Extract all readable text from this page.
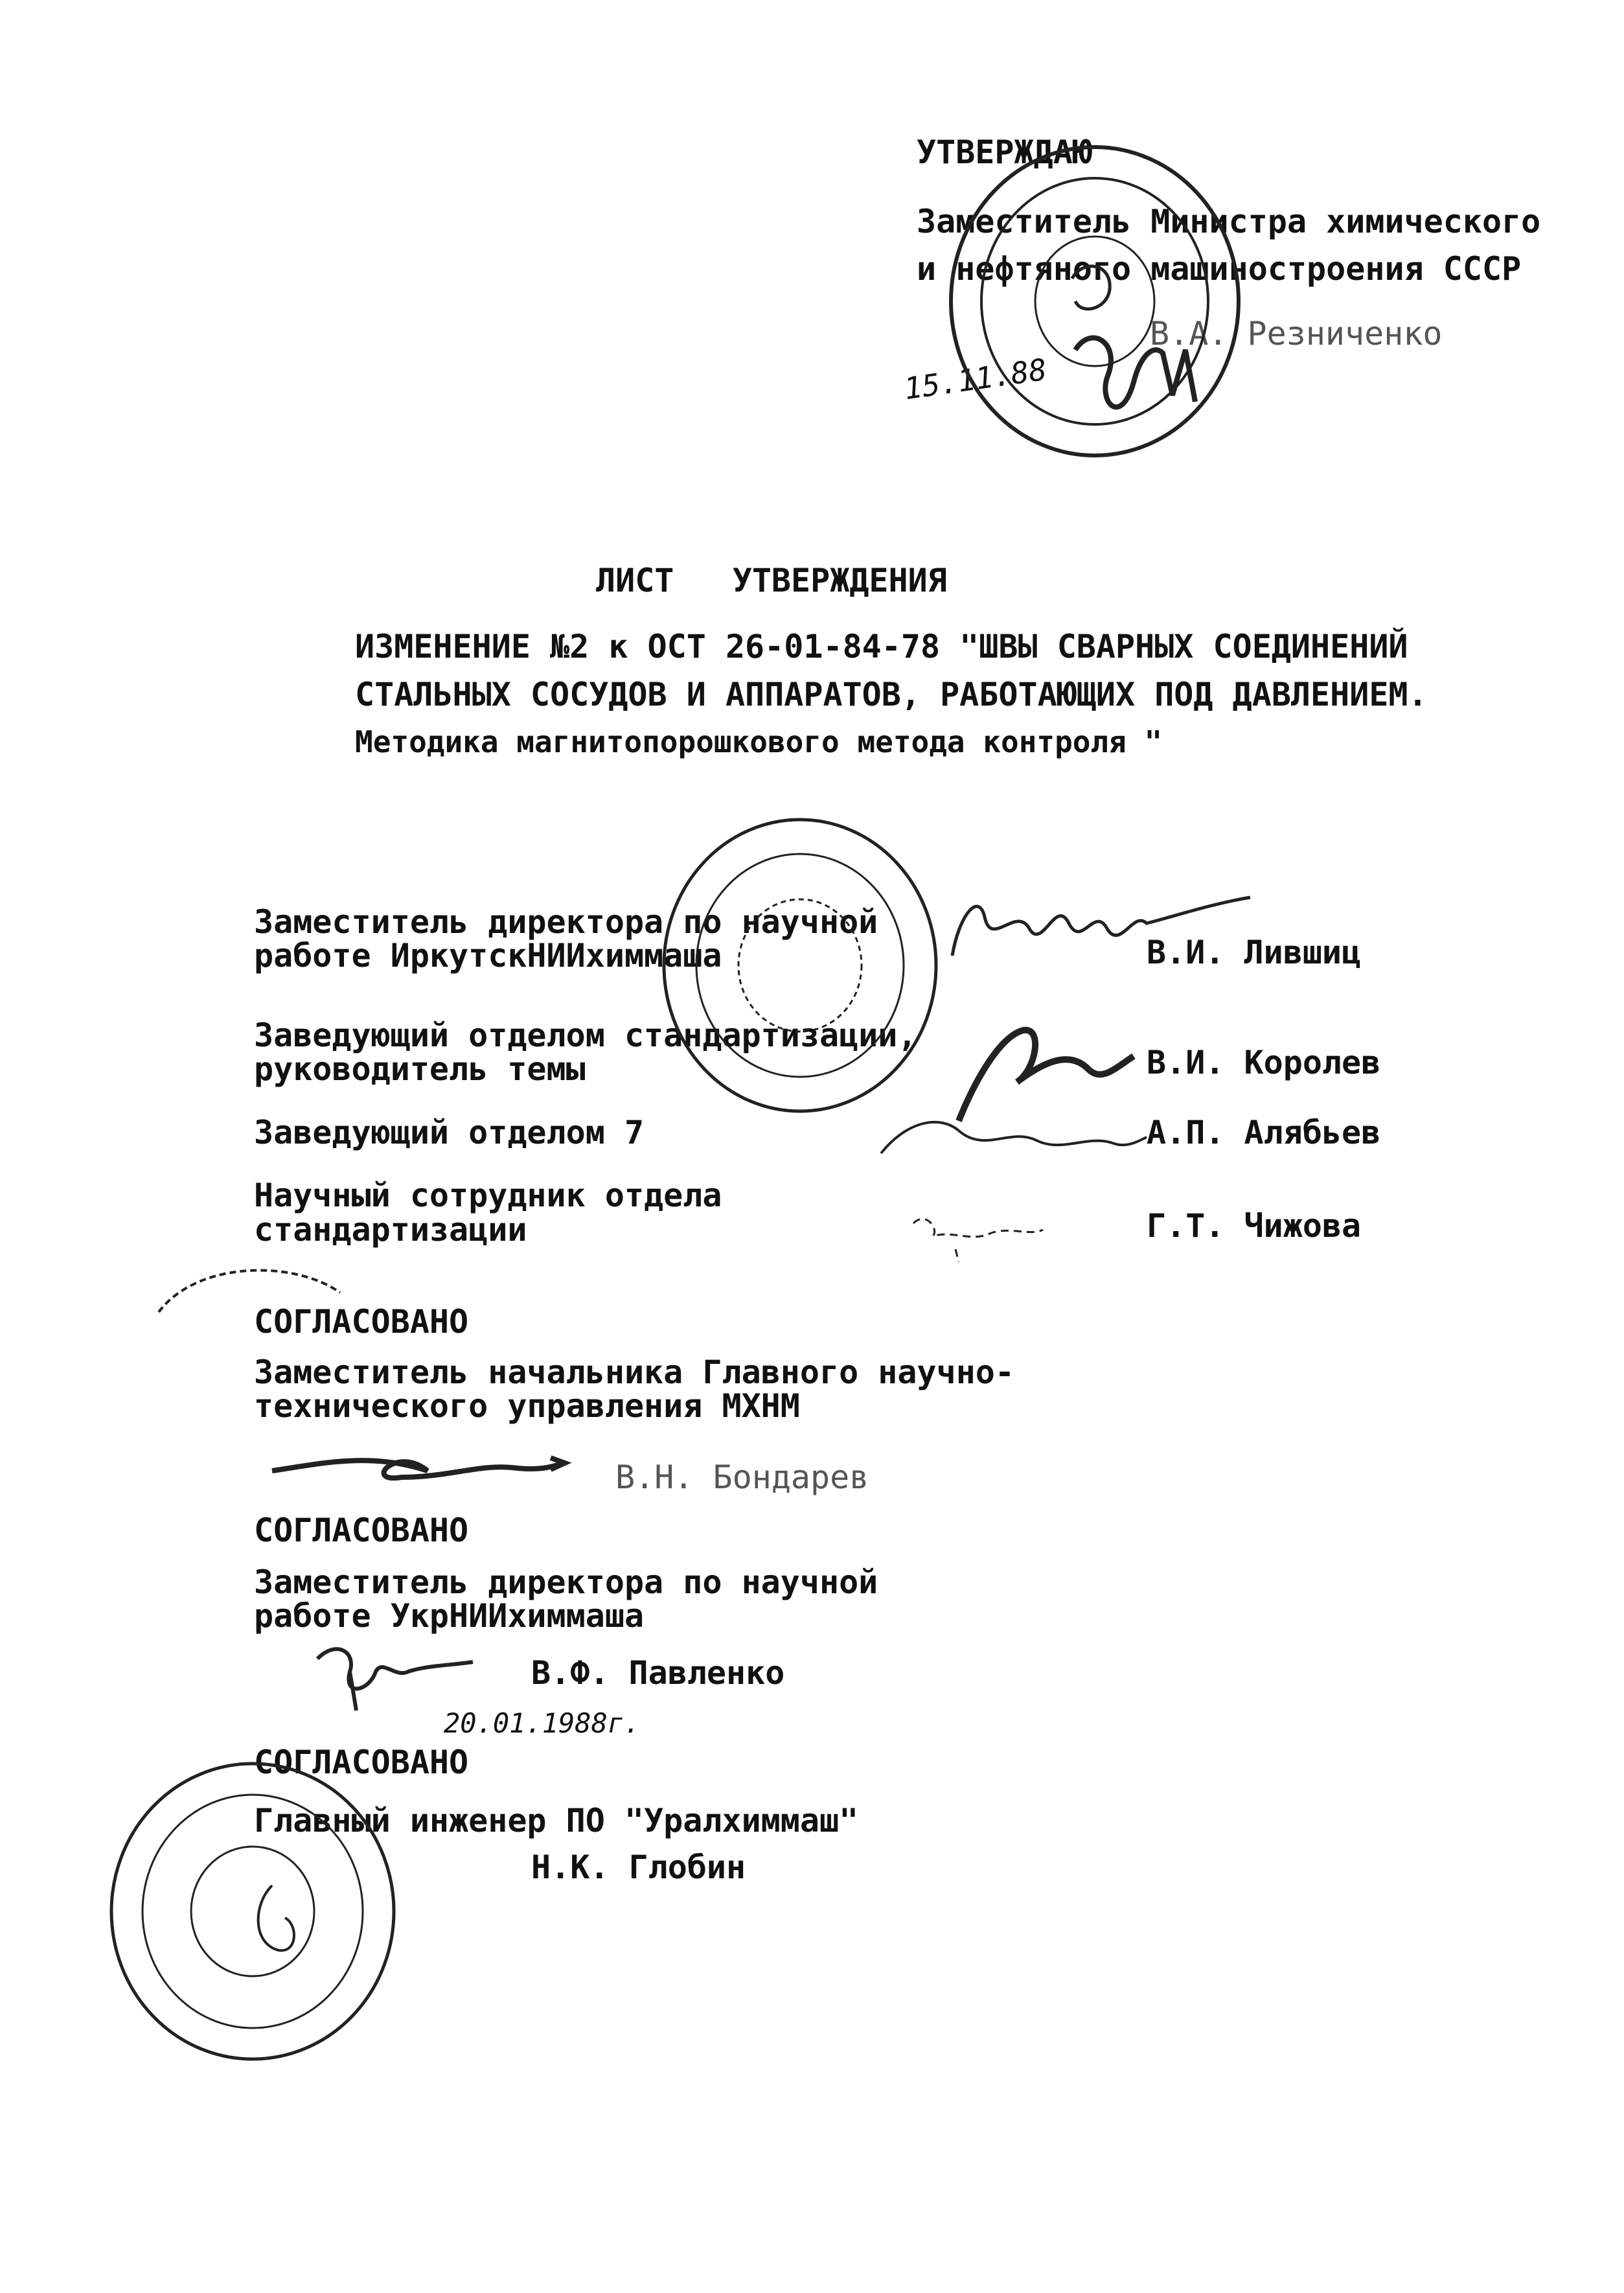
УТВЕРЖДАЮ
Заместитель Министра химического
и нефтяного машиностроения СССР
В.А. Резниченко
15.11.88
ЛИСТ   УТВЕРЖДЕНИЯ
ИЗМЕНЕНИЕ №2 к ОСТ 26-01-84-78 "ШВЫ СВАРНЫХ СОЕДИНЕНИЙ
СТАЛЬНЫХ СОСУДОВ И АППАРАТОВ, РАБОТАЮЩИХ ПОД ДАВЛЕНИЕМ.
Методика магнитопорошкового метода контроля "
Заместитель директора по научной
работе ИркутскНИИхиммаша	В.И. Лившиц
Заведующий отделом стандартизации,
руководитель темы	В.И. Королев
Заведующий отделом 7	А.П. Алябьев
Научный сотрудник отдела
стандартизации	Г.Т. Чижова
СОГЛАСОВАНО
Заместитель начальника Главного научно-
технического управления МХНМ
В.Н. Бондарев
СОГЛАСОВАНО
Заместитель директора по научной
работе УкрНИИхиммаша
В.Ф. Павленко
20.01.1988г.
СОГЛАСОВАНО
Главный инженер ПО "Уралхиммаш"
Н.К. Глобин
